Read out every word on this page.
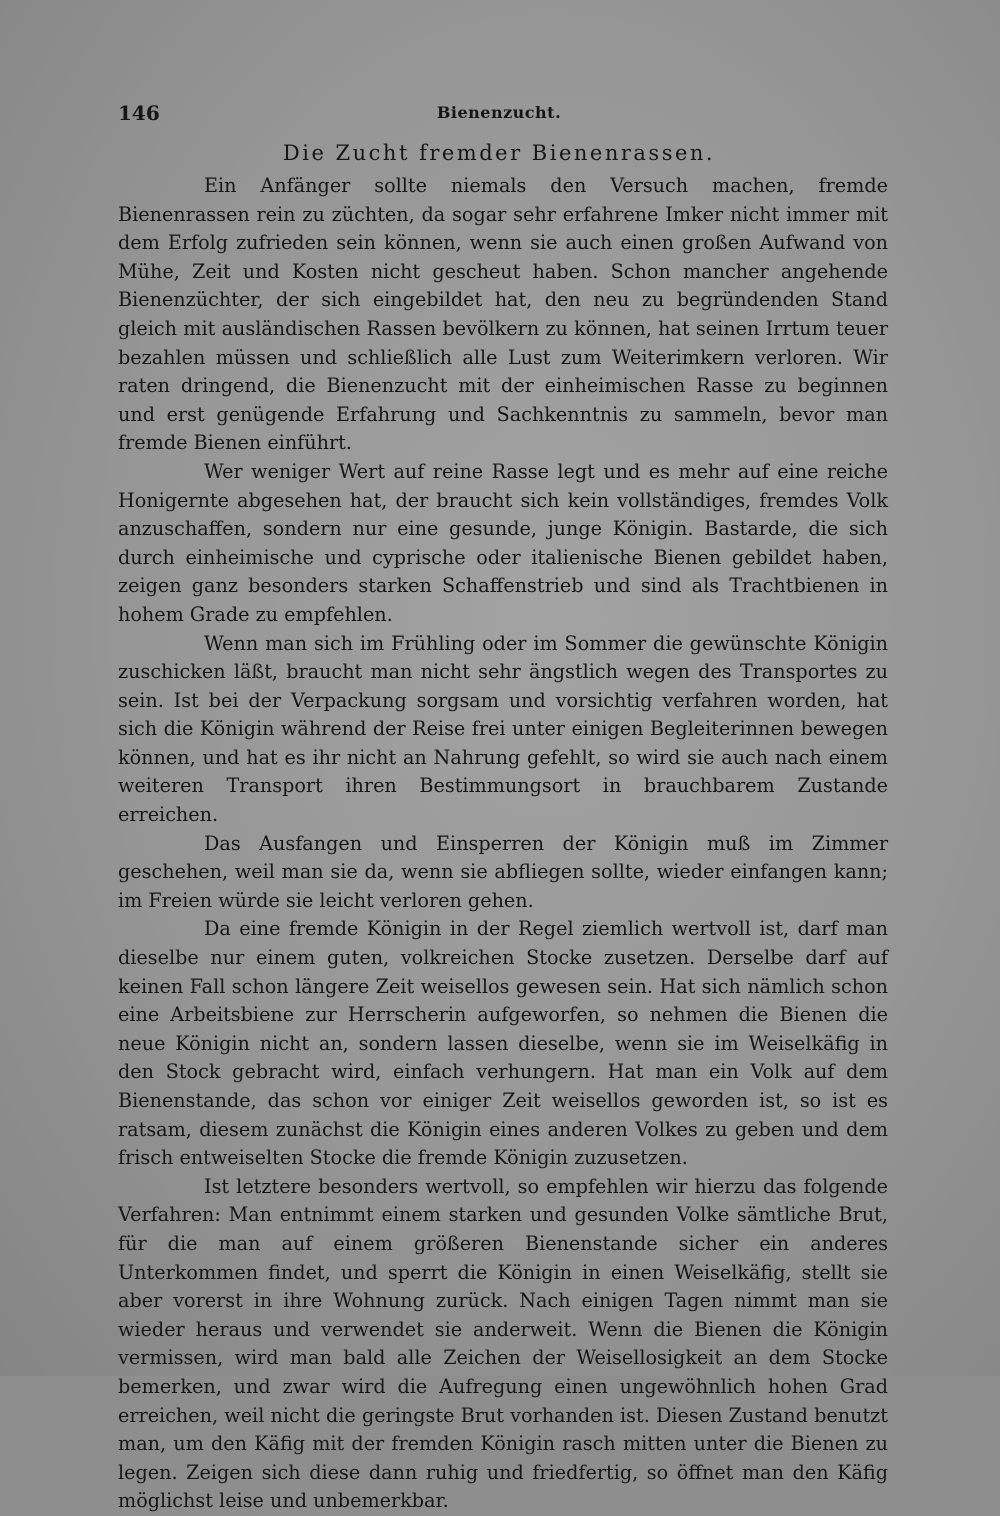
146	Bienenzucht.
Die Zucht fremder Bienenrassen.

Ein Anfänger sollte niemals den Versuch machen, fremde Bienenrassen rein zu züchten, da sogar sehr erfahrene Imker nicht immer mit dem Erfolg zufrieden sein können, wenn sie auch einen großen Aufwand von Mühe, Zeit und Kosten nicht gescheut haben. Schon mancher angehende Bienenzüchter, der sich eingebildet hat, den neu zu begründenden Stand gleich mit ausländischen Rassen bevölkern zu können, hat seinen Irrtum teuer bezahlen müssen und schließlich alle Lust zum Weiterimkern verloren. Wir raten dringend, die Bienenzucht mit der einheimischen Rasse zu beginnen und erst genügende Erfahrung und Sachkenntnis zu sammeln, bevor man fremde Bienen einführt.

Wer weniger Wert auf reine Rasse legt und es mehr auf eine reiche Honigernte abgesehen hat, der braucht sich kein vollständiges, fremdes Volk anzuschaffen, sondern nur eine gesunde, junge Königin. Bastarde, die sich durch einheimische und cyprische oder italienische Bienen gebildet haben, zeigen ganz besonders starken Schaffenstrieb und sind als Trachtbienen in hohem Grade zu empfehlen.

Wenn man sich im Frühling oder im Sommer die gewünschte Königin zuschicken läßt, braucht man nicht sehr ängstlich wegen des Transportes zu sein. Ist bei der Verpackung sorgsam und vorsichtig verfahren worden, hat sich die Königin während der Reise frei unter einigen Begleiterinnen bewegen können, und hat es ihr nicht an Nahrung gefehlt, so wird sie auch nach einem weiteren Transport ihren Bestimmungsort in brauchbarem Zustande erreichen.

Das Ausfangen und Einsperren der Königin muß im Zimmer geschehen, weil man sie da, wenn sie abfliegen sollte, wieder einfangen kann; im Freien würde sie leicht verloren gehen.

Da eine fremde Königin in der Regel ziemlich wertvoll ist, darf man dieselbe nur einem guten, volkreichen Stocke zusetzen. Derselbe darf auf keinen Fall schon längere Zeit weisellos gewesen sein. Hat sich nämlich schon eine Arbeitsbiene zur Herrscherin aufgeworfen, so nehmen die Bienen die neue Königin nicht an, sondern lassen dieselbe, wenn sie im Weiselkäfig in den Stock gebracht wird, einfach verhungern. Hat man ein Volk auf dem Bienenstande, das schon vor einiger Zeit weisellos geworden ist, so ist es ratsam, diesem zunächst die Königin eines anderen Volkes zu geben und dem frisch entweiselten Stocke die fremde Königin zuzusetzen.

Ist letztere besonders wertvoll, so empfehlen wir hierzu das folgende Verfahren: Man entnimmt einem starken und gesunden Volke sämtliche Brut, für die man auf einem größeren Bienenstande sicher ein anderes Unterkommen findet, und sperrt die Königin in einen Weiselkäfig, stellt sie aber vorerst in ihre Wohnung zurück. Nach einigen Tagen nimmt man sie wieder heraus und verwendet sie anderweit. Wenn die Bienen die Königin vermissen, wird man bald alle Zeichen der Weisellosigkeit an dem Stocke bemerken, und zwar wird die Aufregung einen ungewöhnlich hohen Grad erreichen, weil nicht die geringste Brut vorhanden ist. Diesen Zustand benutzt man, um den Käfig mit der fremden Königin rasch mitten unter die Bienen zu legen. Zeigen sich diese dann ruhig und friedfertig, so öffnet man den Käfig möglichst leise und unbemerkbar.
